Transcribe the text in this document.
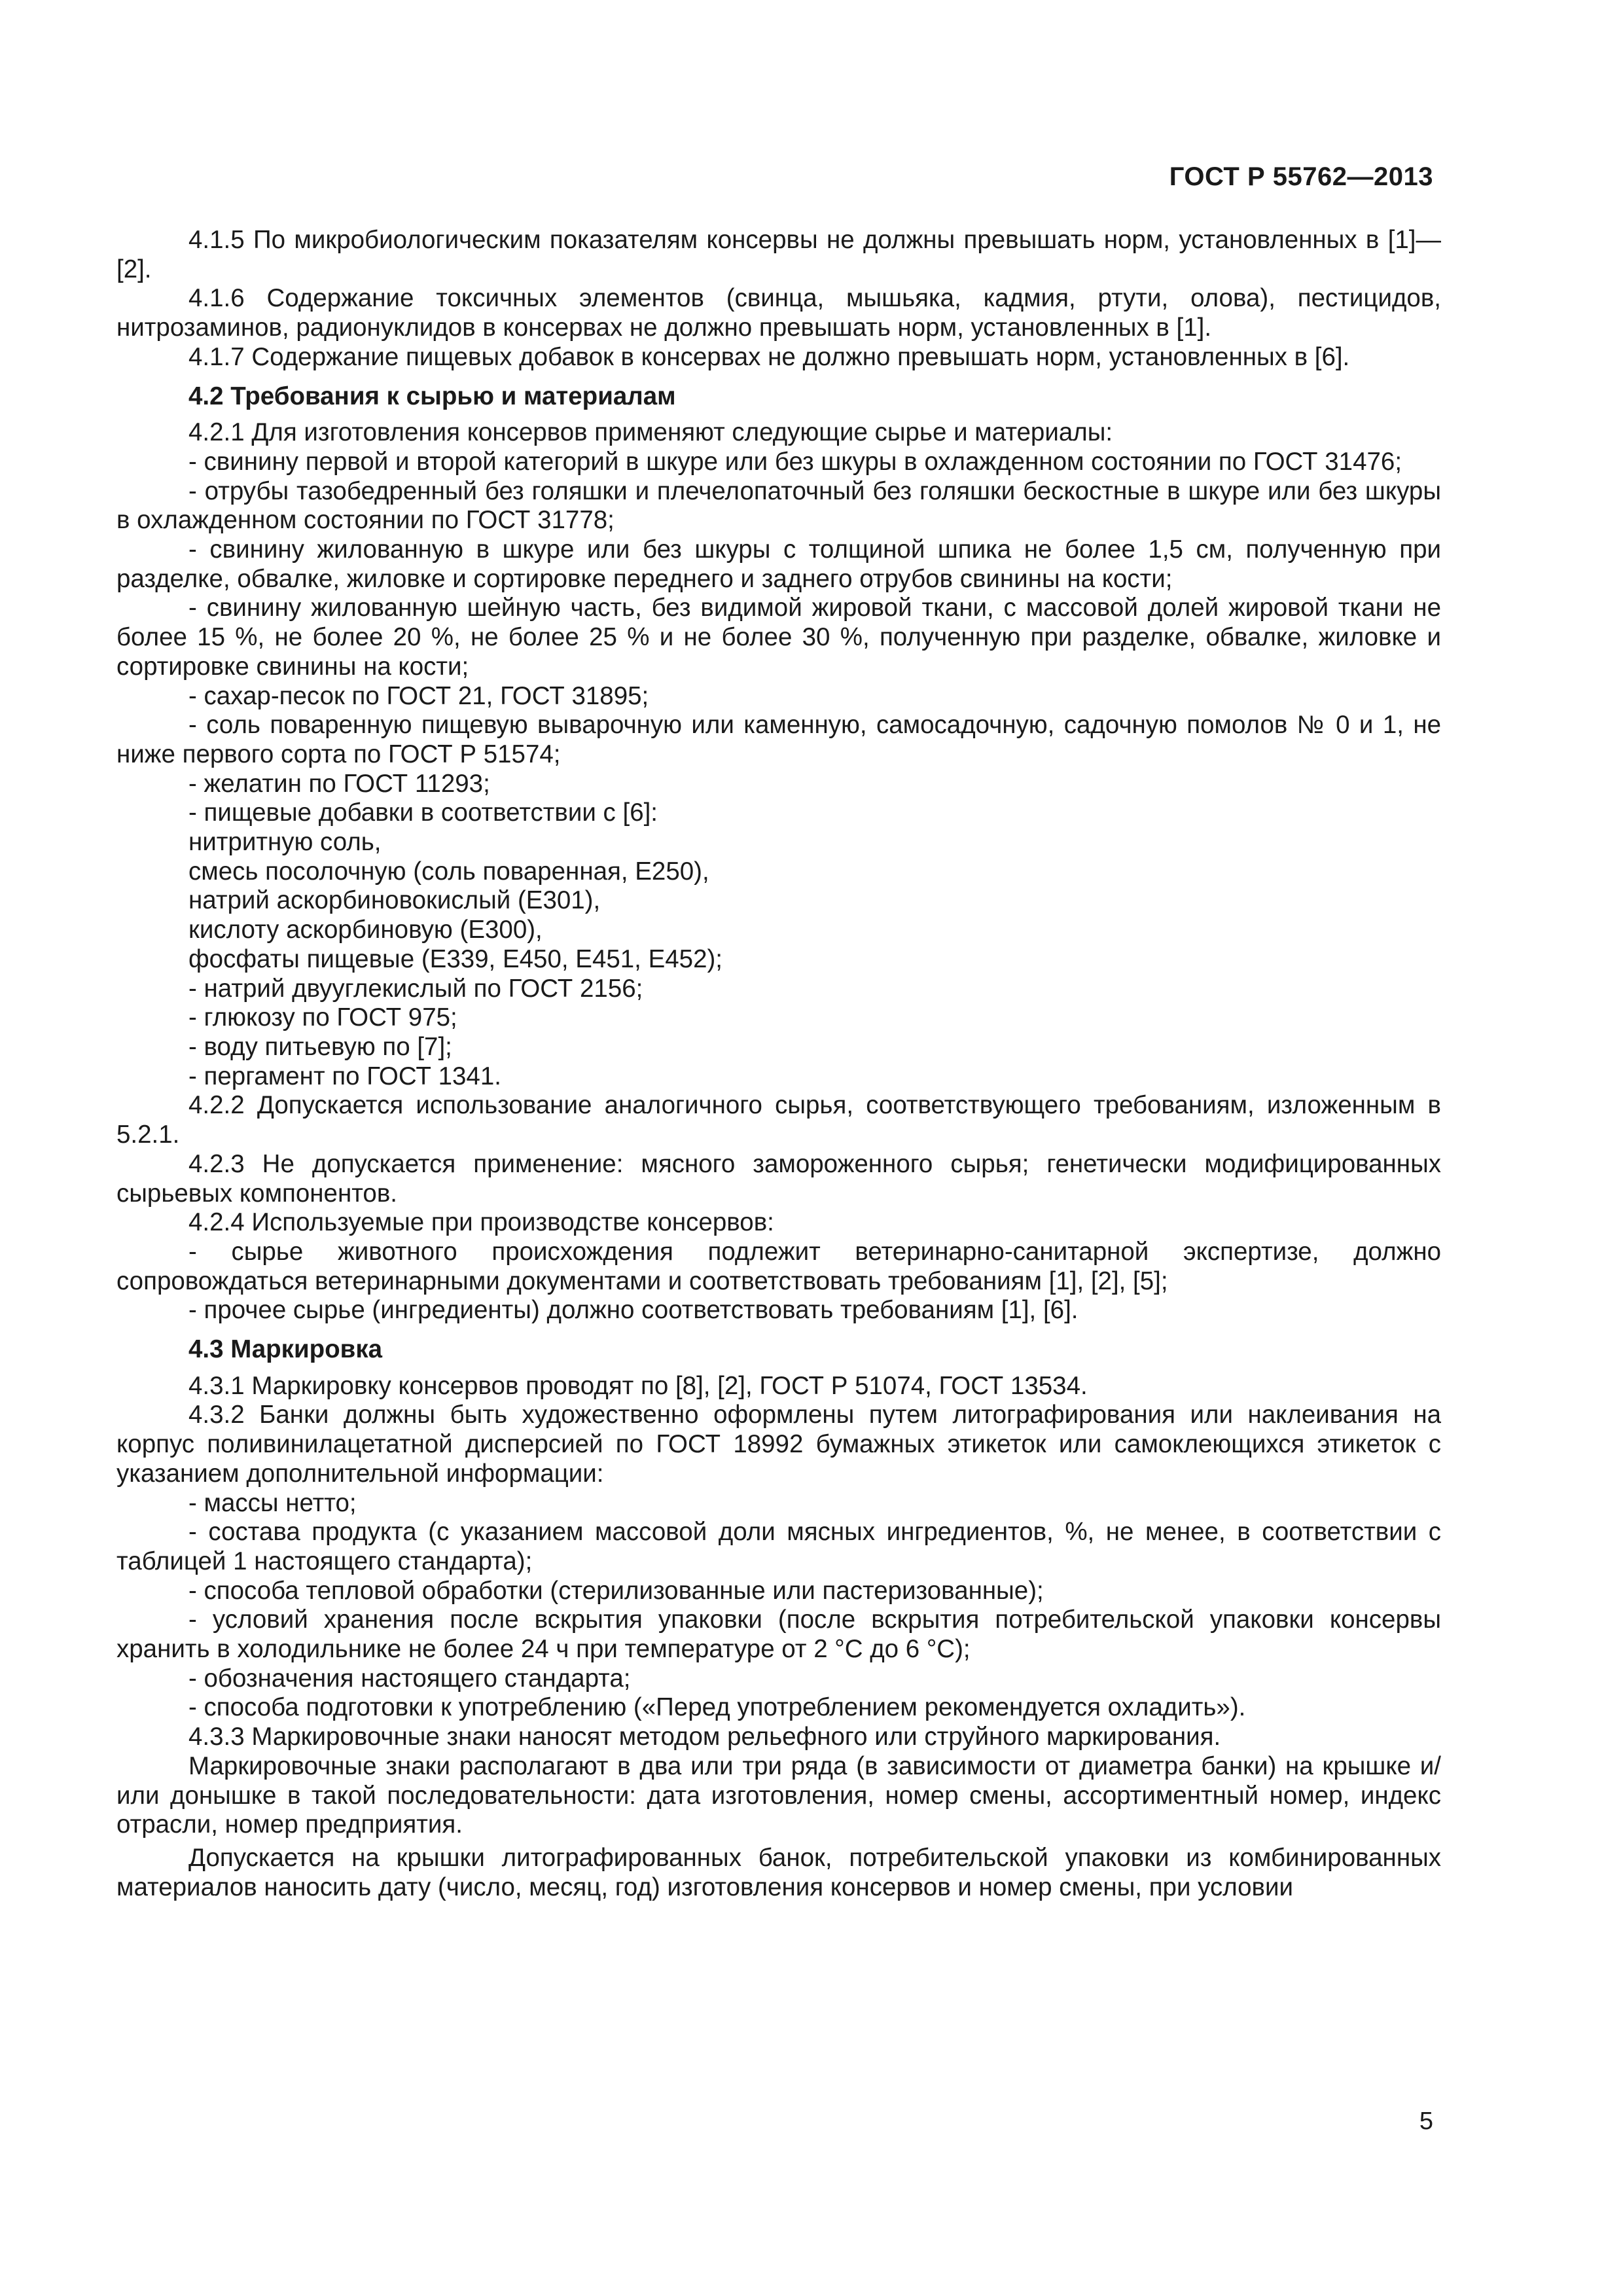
ГОСТ Р 55762—2013

4.1.5 По микробиологическим показателям консервы не должны превышать норм, установленных в [1]—[2].

4.1.6 Содержание токсичных элементов (свинца, мышьяка, кадмия, ртути, олова), пестицидов, нитрозаминов, радионуклидов в консервах не должно превышать норм, установленных в [1].

4.1.7 Содержание пищевых добавок в консервах не должно превышать норм, установленных в [6].

4.2 Требования к сырью и материалам

4.2.1 Для изготовления консервов применяют следующие сырье и материалы:

- свинину первой и второй категорий в шкуре или без шкуры в охлажденном состоянии по ГОСТ 31476;

- отрубы тазобедренный без голяшки и плечелопаточный без голяшки бескостные в шкуре или без шкуры в охлажденном состоянии по ГОСТ 31778;

- свинину жилованную в шкуре или без шкуры с толщиной шпика не более 1,5 см, полученную при разделке, обвалке, жиловке и сортировке переднего и заднего отрубов свинины на кости;

- свинину жилованную шейную часть, без видимой жировой ткани, с массовой долей жировой ткани не более 15 %, не более 20 %, не более 25 % и не более 30 %, полученную при разделке, обвалке, жиловке и сортировке свинины на кости;

- сахар-песок по ГОСТ 21, ГОСТ 31895;

- соль поваренную пищевую выварочную или каменную, самосадочную, садочную помолов № 0 и 1, не ниже первого сорта по ГОСТ Р 51574;

- желатин по ГОСТ 11293;

- пищевые добавки в соответствии с [6]:

нитритную соль,

смесь посолочную (соль поваренная, Е250),

натрий аскорбиновокислый (Е301),

кислоту аскорбиновую (Е300),

фосфаты пищевые (Е339, Е450, Е451, Е452);

- натрий двууглекислый по ГОСТ 2156;

- глюкозу по ГОСТ 975;

- воду питьевую по [7];

- пергамент по ГОСТ 1341.

4.2.2 Допускается использование аналогичного сырья, соответствующего требованиям, изложенным в 5.2.1.

4.2.3 Не допускается применение: мясного замороженного сырья; генетически модифицированных сырьевых компонентов.

4.2.4 Используемые при производстве консервов:

- сырье животного происхождения подлежит ветеринарно-санитарной экспертизе, должно сопровождаться ветеринарными документами и соответствовать требованиям [1], [2], [5];

- прочее сырье (ингредиенты) должно соответствовать требованиям [1], [6].

4.3 Маркировка

4.3.1 Маркировку консервов проводят по [8], [2], ГОСТ Р 51074, ГОСТ 13534.

4.3.2 Банки должны быть художественно оформлены путем литографирования или наклеивания на корпус поливинилацетатной дисперсией по ГОСТ 18992 бумажных этикеток или самоклеющихся этикеток с указанием дополнительной информации:

- массы нетто;

- состава продукта (с указанием массовой доли мясных ингредиентов, %, не менее, в соответствии с таблицей 1 настоящего стандарта);

- способа тепловой обработки (стерилизованные или пастеризованные);

- условий хранения после вскрытия упаковки (после вскрытия потребительской упаковки консервы хранить в холодильнике не более 24 ч при температуре от 2 °С до 6 °С);

- обозначения настоящего стандарта;

- способа подготовки к употреблению («Перед употреблением рекомендуется охладить»).

4.3.3 Маркировочные знаки наносят методом рельефного или струйного маркирования.

Маркировочные знаки располагают в два или три ряда (в зависимости от диаметра банки) на крышке и/или донышке в такой последовательности: дата изготовления, номер смены, ассортиментный номер, индекс отрасли, номер предприятия.

Допускается на крышки литографированных банок, потребительской упаковки из комбинированных материалов наносить дату (число, месяц, год) изготовления консервов и номер смены, при условии

5
